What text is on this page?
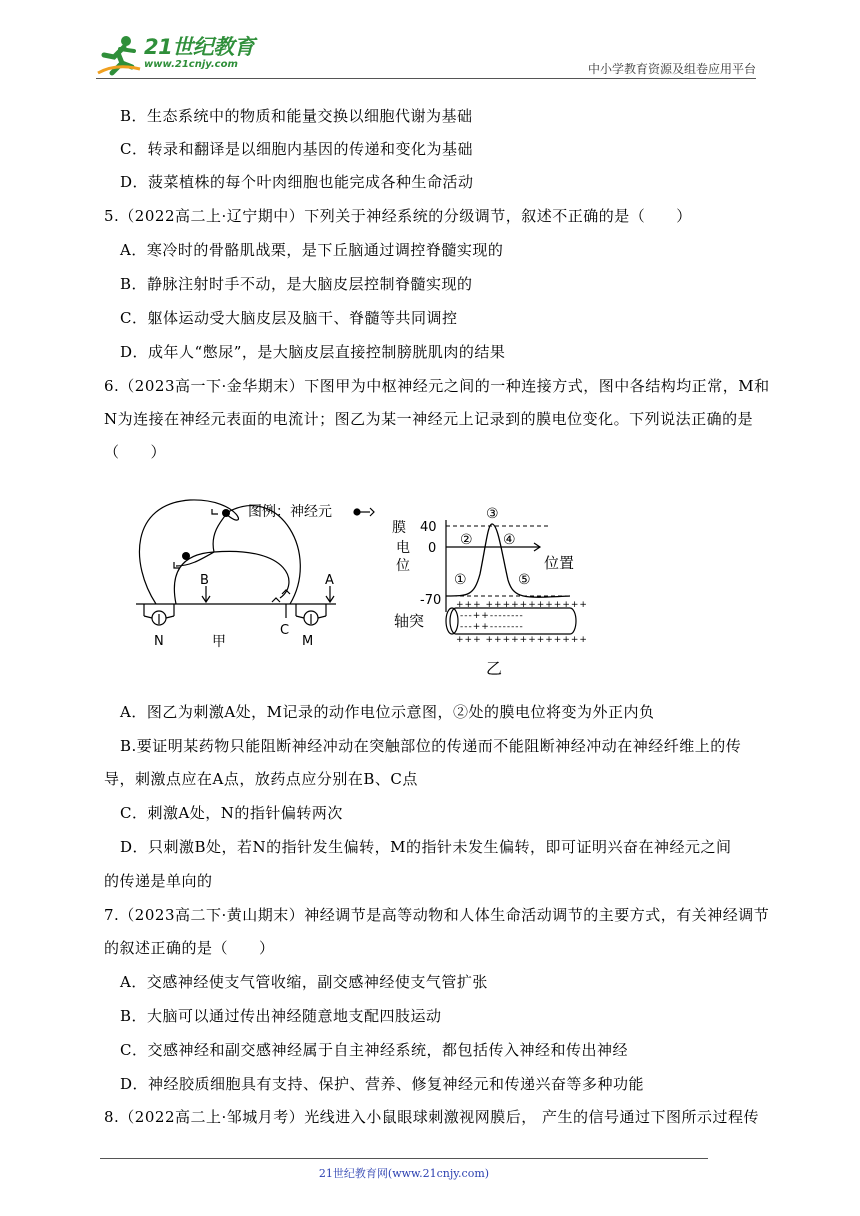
21世纪教育
www.21cnjy.com	中小学教育资源及组卷应用平台
B．生态系统中的物质和能量交换以细胞代谢为基础
C．转录和翻译是以细胞内基因的传递和变化为基础
D．菠菜植株的每个叶肉细胞也能完成各种生命活动
5.（2022高二上·辽宁期中）下列关于神经系统的分级调节，叙述不正确的是（　　）
A．寒冷时的骨骼肌战栗，是下丘脑通过调控脊髓实现的
B．静脉注射时手不动，是大脑皮层控制脊髓实现的
C．躯体运动受大脑皮层及脑干、脊髓等共同调控
D．成年人“憋尿”，是大脑皮层直接控制膀胱肌肉的结果
6.（2023高一下·金华期末）下图甲为中枢神经元之间的一种连接方式，图中各结构均正常，M和
N为连接在神经元表面的电流计；图乙为某一神经元上记录到的膜电位变化。下列说法正确的是
（　　）
B	A
C
N	M
甲
图例：神经元
膜
电
位
40
0
-70
位置
③
② ④
①	⑤
轴突
+++ ++++++++++++
---++--------
---++--------
+++ ++++++++++++
乙
A．图乙为刺激A处，M记录的动作电位示意图，②处的膜电位将变为外正内负
B.要证明某药物只能阻断神经冲动在突触部位的传递而不能阻断神经冲动在神经纤维上的传
导，刺激点应在A点，放药点应分别在B、C点
C．刺激A处，N的指针偏转两次
D．只刺激B处，若N的指针发生偏转，M的指针未发生偏转，即可证明兴奋在神经元之间
的传递是单向的
7.（2023高二下·黄山期末）神经调节是高等动物和人体生命活动调节的主要方式，有关神经调节
的叙述正确的是（　　）
A．交感神经使支气管收缩，副交感神经使支气管扩张
B．大脑可以通过传出神经随意地支配四肢运动
C．交感神经和副交感神经属于自主神经系统，都包括传入神经和传出神经
D．神经胶质细胞具有支持、保护、营养、修复神经元和传递兴奋等多种功能
8.（2022高二上·邹城月考）光线进入小鼠眼球刺激视网膜后， 产生的信号通过下图所示过程传
21世纪教育网(www.21cnjy.com)
